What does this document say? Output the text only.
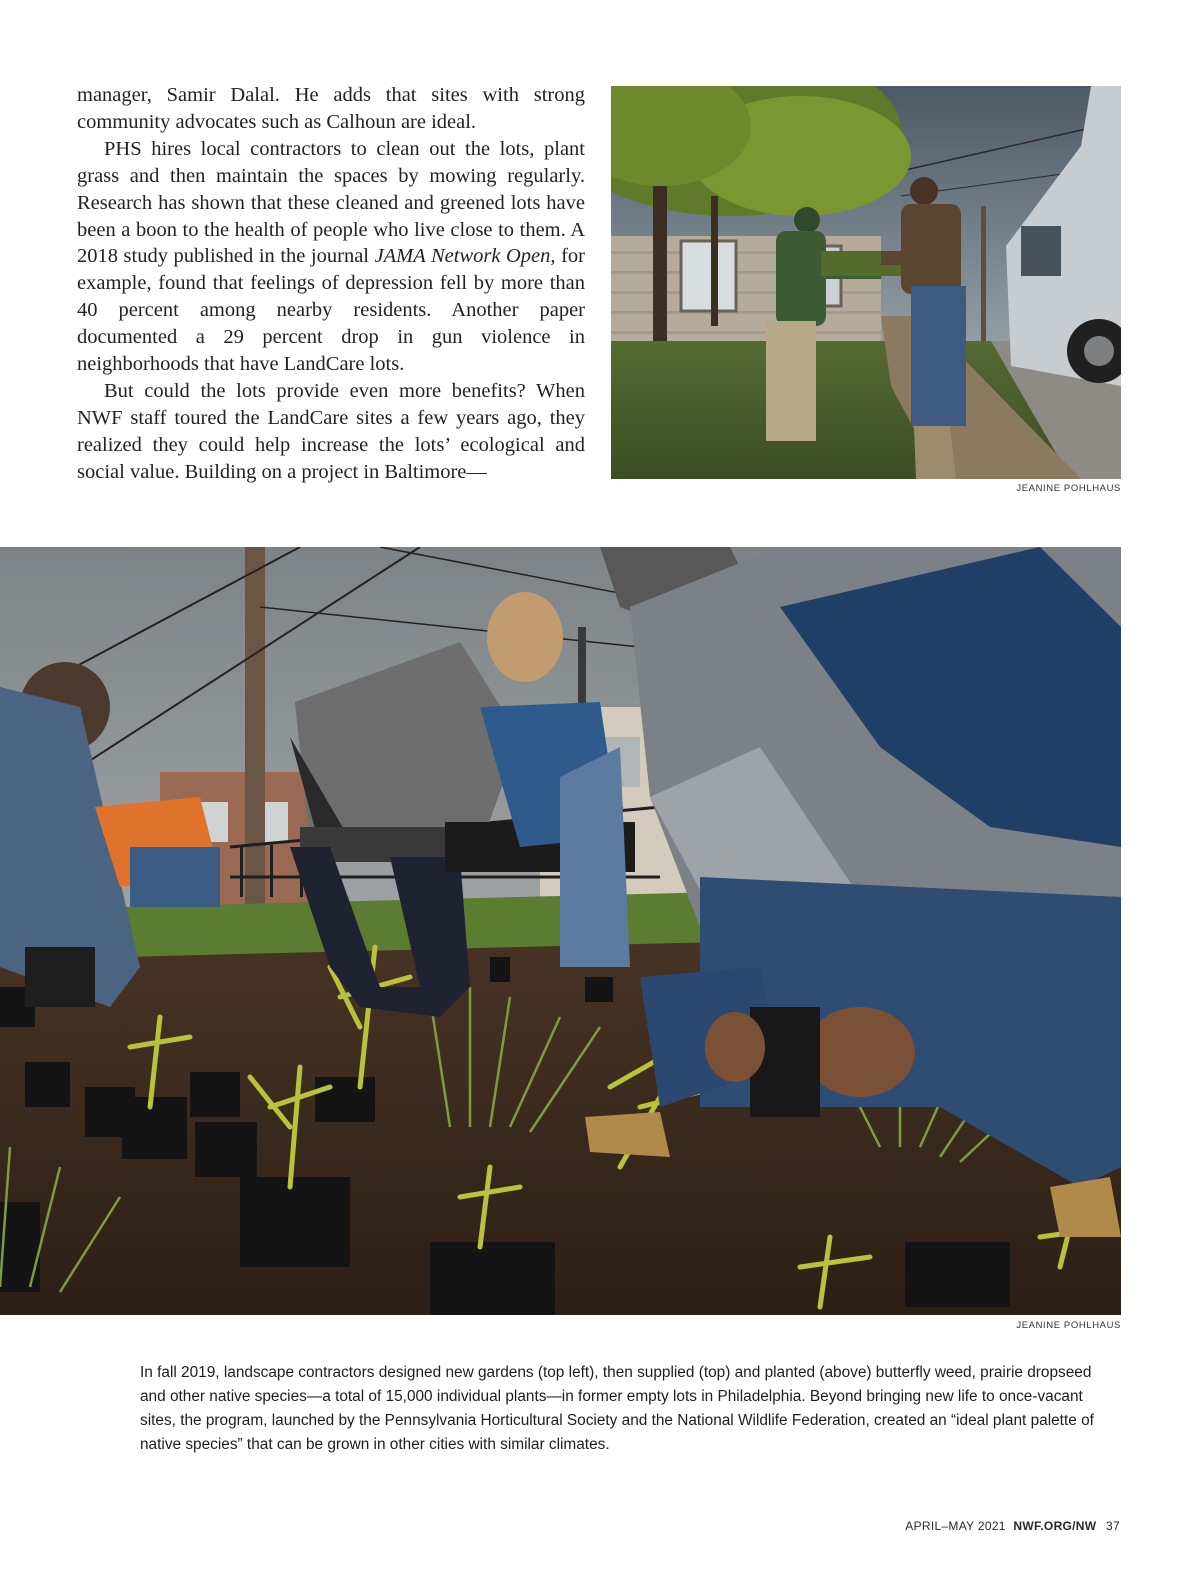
manager, Samir Dalal. He adds that sites with strong community advocates such as Calhoun are ideal.

PHS hires local contractors to clean out the lots, plant grass and then maintain the spaces by mowing regularly. Research has shown that these cleaned and greened lots have been a boon to the health of people who live close to them. A 2018 study published in the journal JAMA Network Open, for example, found that feelings of depression fell by more than 40 percent among nearby residents. Another paper documented a 29 percent drop in gun violence in neighborhoods that have LandCare lots.

But could the lots provide even more benefits? When NWF staff toured the LandCare sites a few years ago, they realized they could help increase the lots’ ecological and social value. Building on a project in Baltimore—

JEANINE POHLHAUS
JEANINE POHLHAUS

In fall 2019, landscape contractors designed new gardens (top left), then supplied (top) and planted (above) butterfly weed, prairie dropseed and other native species—a total of 15,000 individual plants—in former empty lots in Philadelphia. Beyond bringing new life to once-vacant sites, the program, launched by the Pennsylvania Horticultural Society and the National Wildlife Federation, created an “ideal plant palette of native species” that can be grown in other cities with similar climates.

APRIL–MAY 2021 NWF.ORG/NW 37
